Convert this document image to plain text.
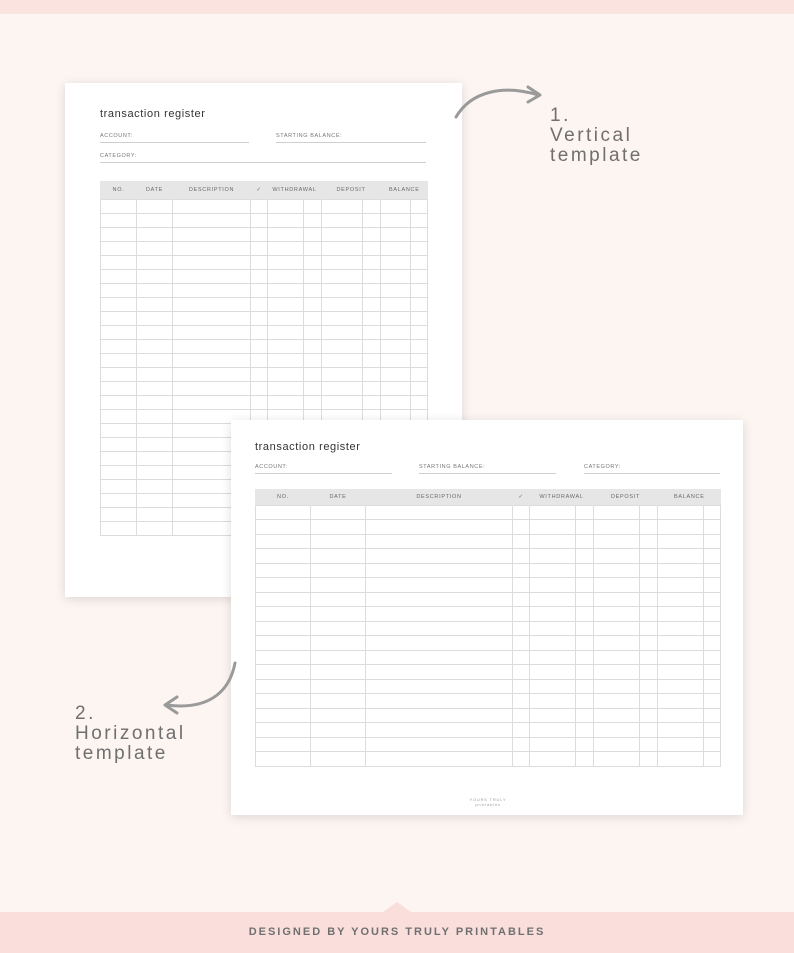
transaction register
ACCOUNT:	STARTING BALANCE:
CATEGORY:
NO.	DATE	DESCRIPTION	✓	WITHDRAWAL		DEPOSIT		BALANCE	

transaction register
ACCOUNT:	STARTING BALANCE:	CATEGORY:
NO.	DATE	DESCRIPTION	✓	WITHDRAWAL		DEPOSIT		BALANCE	

YOURS TRULY
printables
1.
Vertical
template
2.
Horizontal
template
DESIGNED BY YOURS TRULY PRINTABLES
